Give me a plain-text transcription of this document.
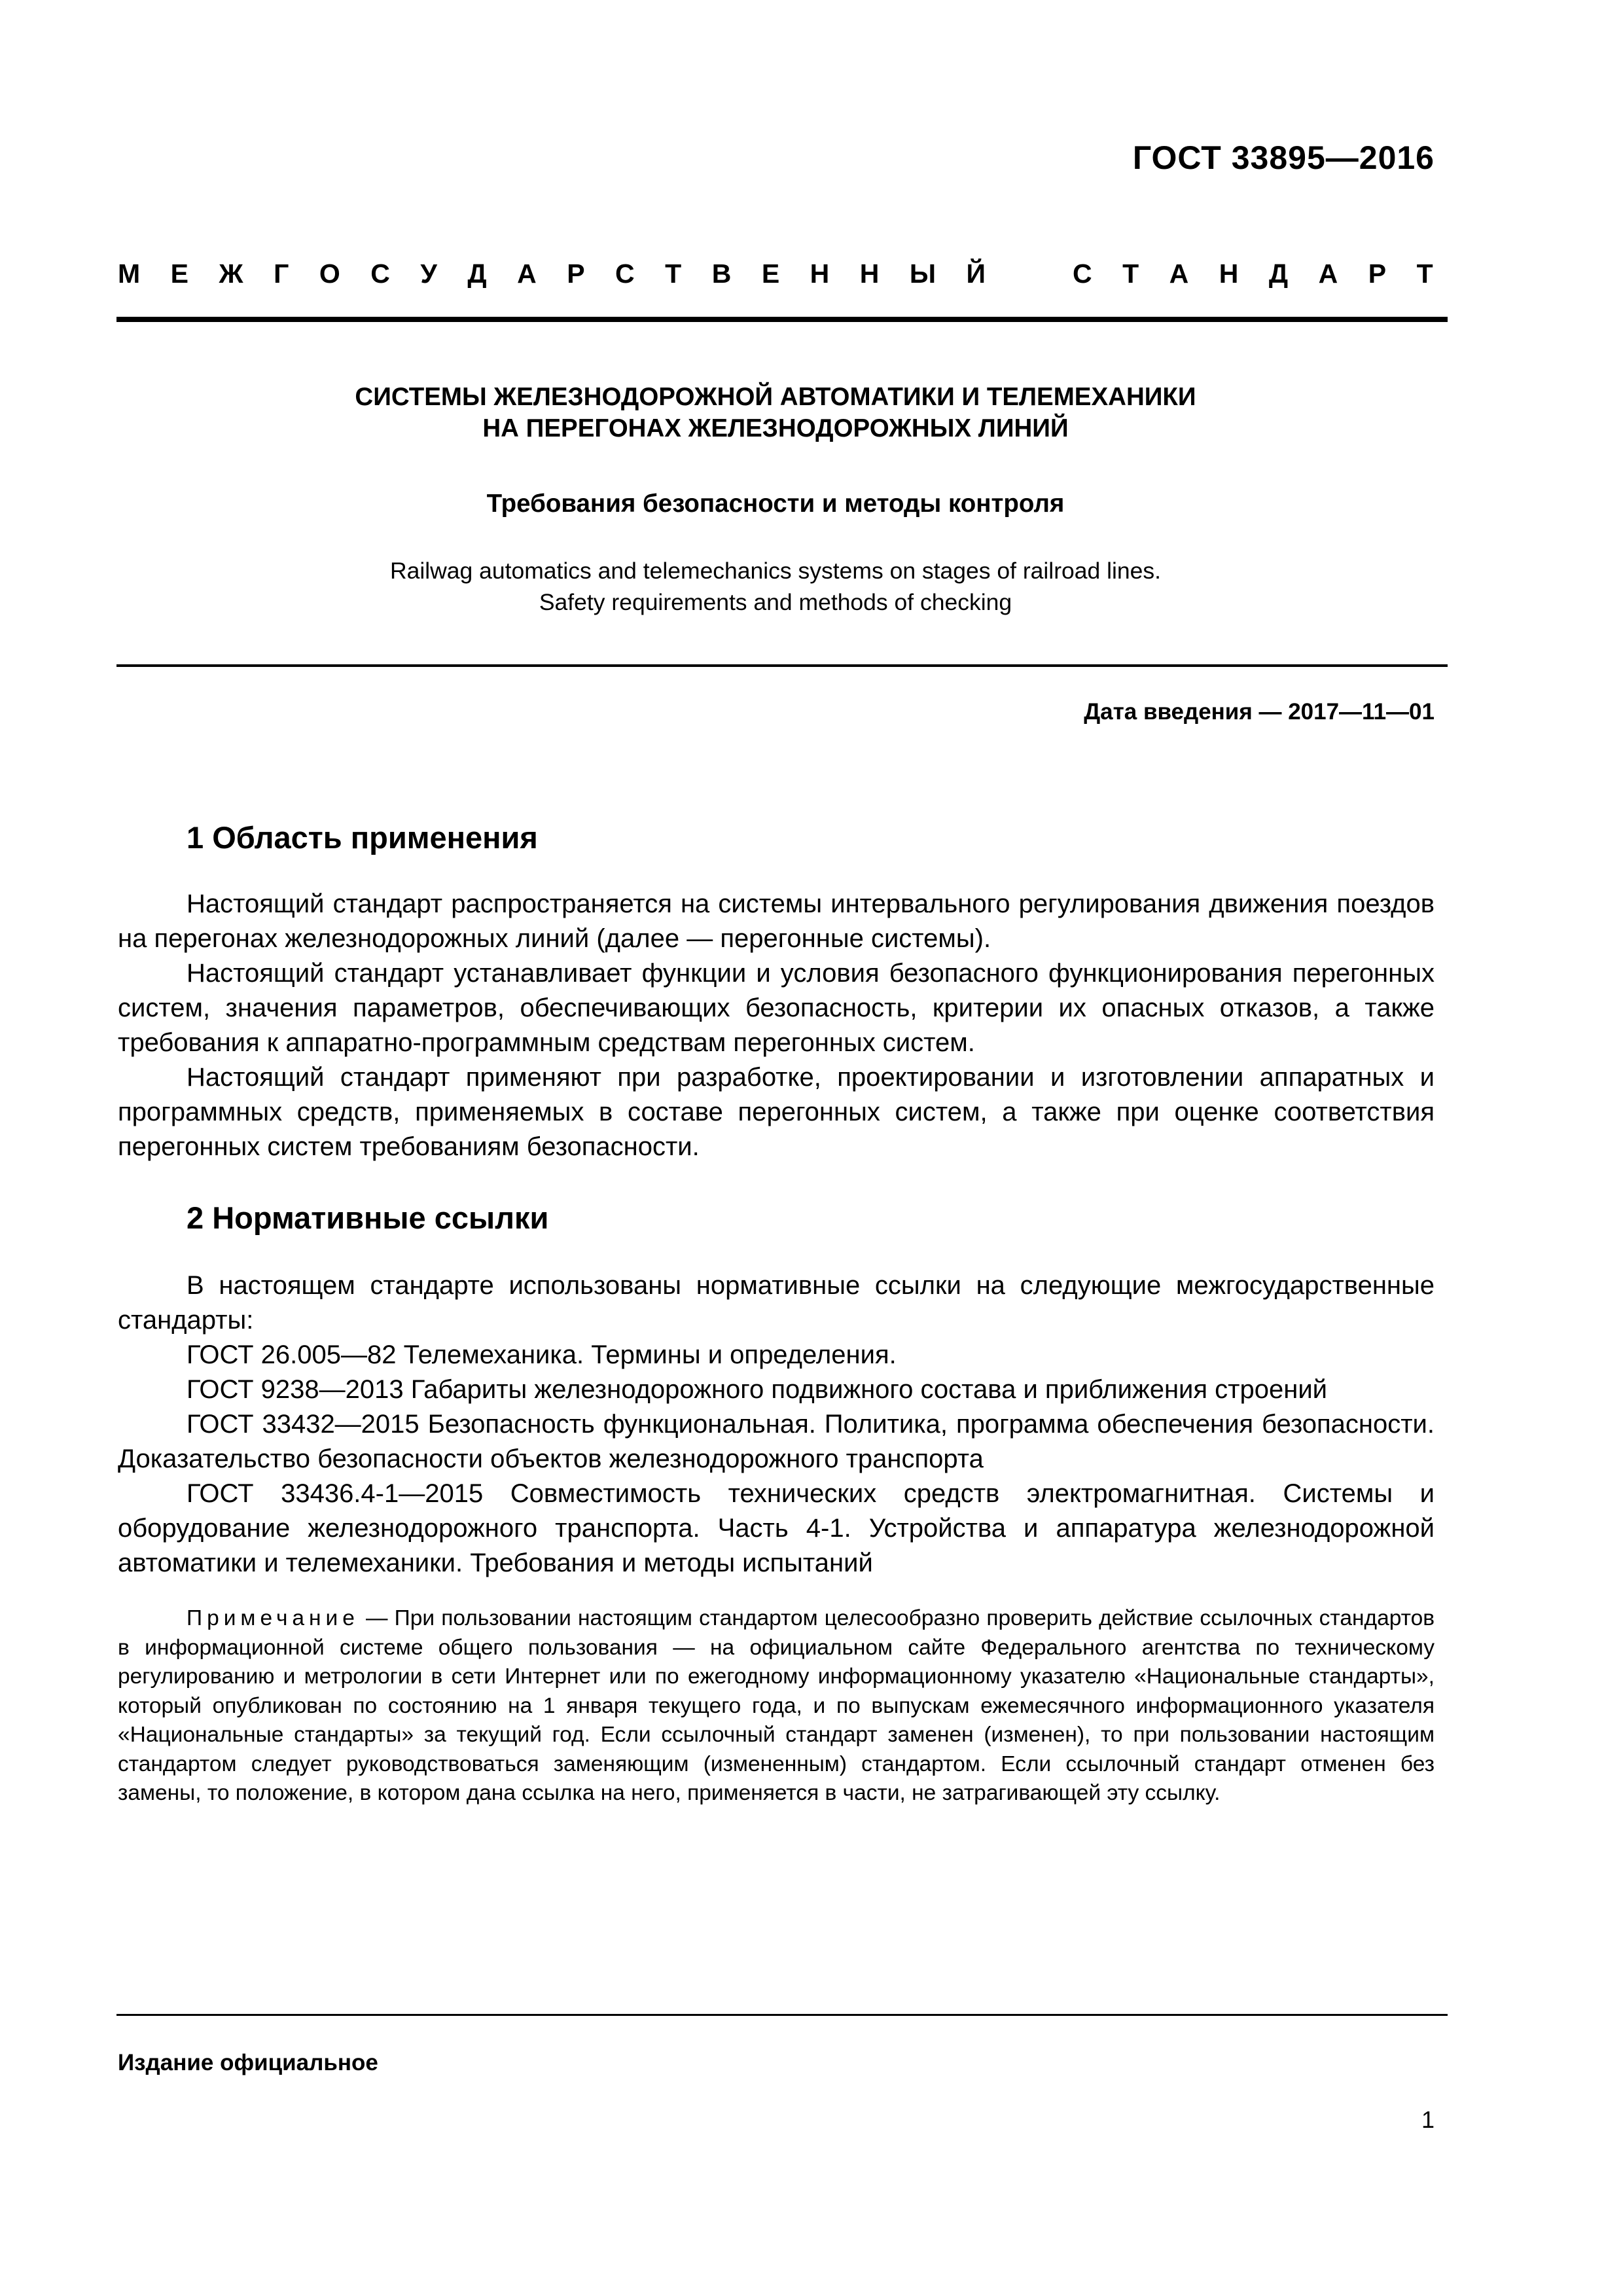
ГОСТ 33895—2016
М Е Ж Г О С У Д А Р С Т В Е Н Н Ы Й	С Т А Н Д А Р Т
СИСТЕМЫ ЖЕЛЕЗНОДОРОЖНОЙ АВТОМАТИКИ И ТЕЛЕМЕХАНИКИ
НА ПЕРЕГОНАХ ЖЕЛЕЗНОДОРОЖНЫХ ЛИНИЙ
Требования безопасности и методы контроля
Railwag automatics and telemechanics systems on stages of railroad lines.
Safety requirements and methods of checking
Дата введения — 2017—11—01
1 Область применения

Настоящий стандарт распространяется на системы интервального регулирования движения поездов на перегонах железнодорожных линий (далее — перегонные системы).

Настоящий стандарт устанавливает функции и условия безопасного функционирования перегонных систем, значения параметров, обеспечивающих безопасность, критерии их опасных отказов, а также требования к аппаратно-программным средствам перегонных систем.

Настоящий стандарт применяют при разработке, проектировании и изготовлении аппаратных и программных средств, применяемых в составе перегонных систем, а также при оценке соответствия перегонных систем требованиям безопасности.

2 Нормативные ссылки

В настоящем стандарте использованы нормативные ссылки на следующие межгосударственные стандарты:

ГОСТ 26.005—82 Телемеханика. Термины и определения.

ГОСТ 9238—2013 Габариты железнодорожного подвижного состава и приближения строений

ГОСТ 33432—2015 Безопасность функциональная. Политика, программа обеспечения безопасности. Доказательство безопасности объектов железнодорожного транспорта

ГОСТ 33436.4-1—2015 Совместимость технических средств электромагнитная. Системы и оборудование железнодорожного транспорта. Часть 4-1. Устройства и аппаратура железнодорожной автоматики и телемеханики. Требования и методы испытаний

Примечание — При пользовании настоящим стандартом целесообразно проверить действие ссылочных стандартов в информационной системе общего пользования — на официальном сайте Федерального агентства по техническому регулированию и метрологии в сети Интернет или по ежегодному информационному указателю «Национальные стандарты», который опубликован по состоянию на 1 января текущего года, и по выпускам ежемесячного информационного указателя «Национальные стандарты» за текущий год. Если ссылочный стандарт заменен (изменен), то при пользовании настоящим стандартом следует руководствоваться заменяющим (измененным) стандартом. Если ссылочный стандарт отменен без замены, то положение, в котором дана ссылка на него, применяется в части, не затрагивающей эту ссылку.

Издание официальное
1
